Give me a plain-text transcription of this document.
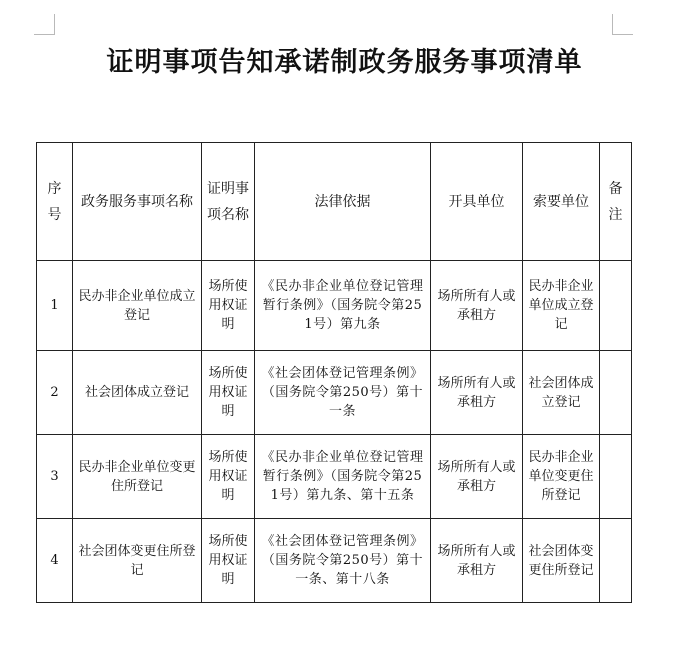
证明事项告知承诺制政务服务事项清单
序号	政务服务事项名称	证明事项名称	法律依据	开具单位	索要单位	备注
1	民办非企业单位成立登记	场所使用权证明	《民办非企业单位登记管理暂行条例》（国务院令第251号）第九条	场所所有人或承租方	民办非企业单位成立登记	
2	社会团体成立登记	场所使用权证明	《社会团体登记管理条例》（国务院令第250号）第十一条	场所所有人或承租方	社会团体成立登记	
3	民办非企业单位变更住所登记	场所使用权证明	《民办非企业单位登记管理暂行条例》（国务院令第251号）第九条、第十五条	场所所有人或承租方	民办非企业单位变更住所登记	
4	社会团体变更住所登记	场所使用权证明	《社会团体登记管理条例》（国务院令第250号）第十一条、第十八条	场所所有人或承租方	社会团体变更住所登记	
